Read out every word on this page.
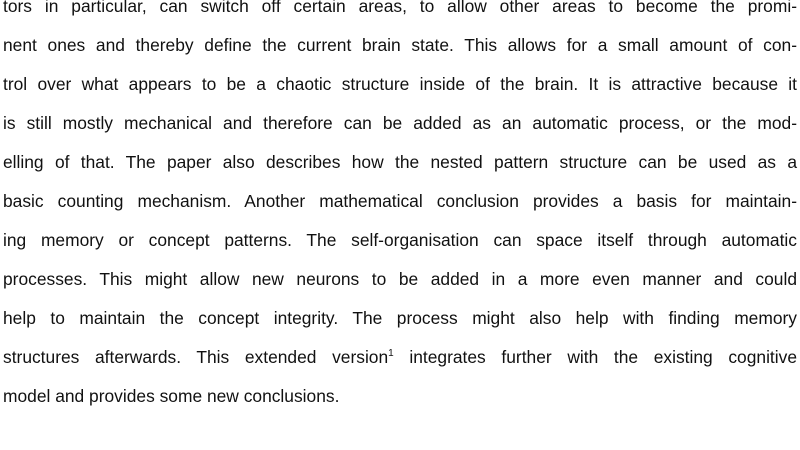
tors in particular, can switch off certain areas, to allow other areas to become the promi-
nent ones and thereby define the current brain state. This allows for a small amount of con-
trol over what appears to be a chaotic structure inside of the brain. It is attractive because it
is still mostly mechanical and therefore can be added as an automatic process, or the mod-
elling of that. The paper also describes how the nested pattern structure can be used as a
basic counting mechanism. Another mathematical conclusion provides a basis for maintain-
ing memory or concept patterns. The self-organisation can space itself through automatic
processes. This might allow new neurons to be added in a more even manner and could
help to maintain the concept integrity. The process might also help with finding memory
structures afterwards. This extended version$^1$ integrates further with the existing cognitive
model and provides some new conclusions.
